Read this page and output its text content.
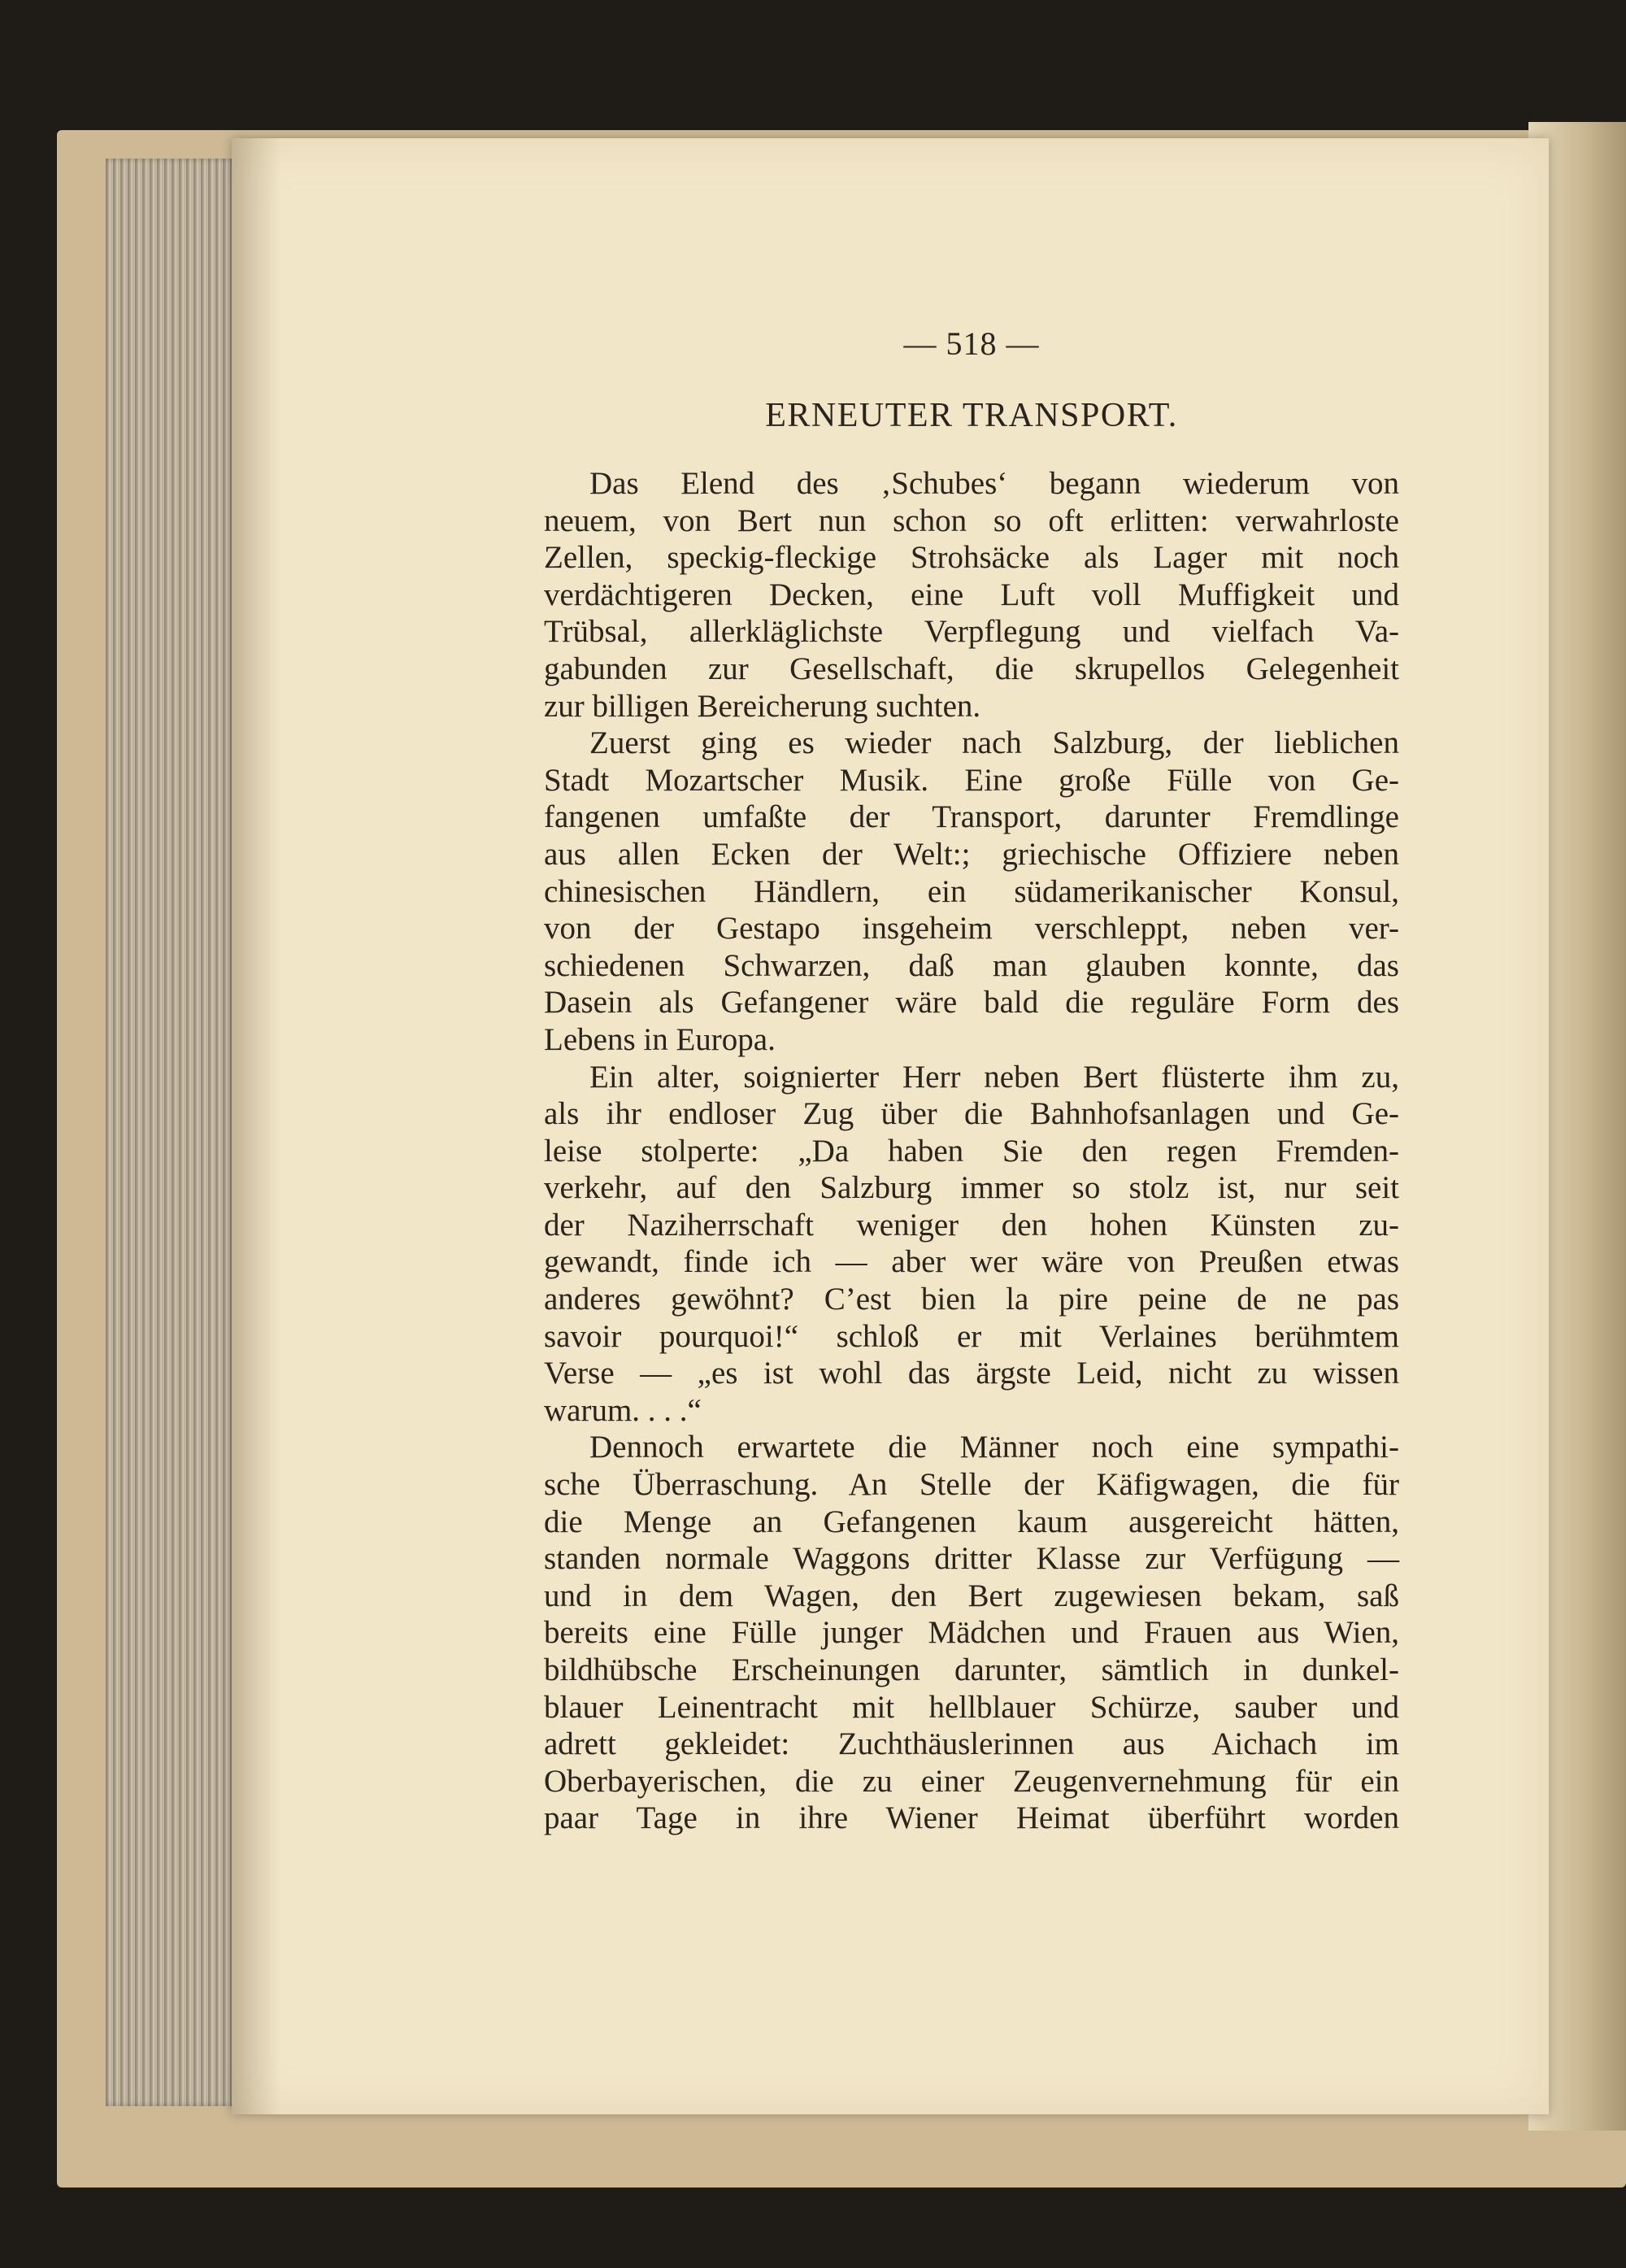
— 518 —

ERNEUTER TRANSPORT.
Das Elend des ‚Schubes‘ begann wiederum von
neuem, von Bert nun schon so oft erlitten: verwahrloste
Zellen, speckig-fleckige Strohsäcke als Lager mit noch
verdächtigeren Decken, eine Luft voll Muffigkeit und
Trübsal, allerkläglichste Verpflegung und vielfach Va-
gabunden zur Gesellschaft, die skrupellos Gelegenheit
zur billigen Bereicherung suchten.
Zuerst ging es wieder nach Salzburg, der lieblichen
Stadt Mozartscher Musik. Eine große Fülle von Ge-
fangenen umfaßte der Transport, darunter Fremdlinge
aus allen Ecken der Welt:; griechische Offiziere neben
chinesischen Händlern, ein südamerikanischer Konsul,
von der Gestapo insgeheim verschleppt, neben ver-
schiedenen Schwarzen, daß man glauben konnte, das
Dasein als Gefangener wäre bald die reguläre Form des
Lebens in Europa.
Ein alter, soignierter Herr neben Bert flüsterte ihm zu,
als ihr endloser Zug über die Bahnhofsanlagen und Ge-
leise stolperte: „Da haben Sie den regen Fremden-
verkehr, auf den Salzburg immer so stolz ist, nur seit
der Naziherrschaft weniger den hohen Künsten zu-
gewandt, finde ich — aber wer wäre von Preußen etwas
anderes gewöhnt? C’est bien la pire peine de ne pas
savoir pourquoi!“ schloß er mit Verlaines berühmtem
Verse — „es ist wohl das ärgste Leid, nicht zu wissen
warum. . . .“
Dennoch erwartete die Männer noch eine sympathi-
sche Überraschung. An Stelle der Käfigwagen, die für
die Menge an Gefangenen kaum ausgereicht hätten,
standen normale Waggons dritter Klasse zur Verfügung —
und in dem Wagen, den Bert zugewiesen bekam, saß
bereits eine Fülle junger Mädchen und Frauen aus Wien,
bildhübsche Erscheinungen darunter, sämtlich in dunkel-
blauer Leinentracht mit hellblauer Schürze, sauber und
adrett gekleidet: Zuchthäuslerinnen aus Aichach im
Oberbayerischen, die zu einer Zeugenvernehmung für ein
paar Tage in ihre Wiener Heimat überführt worden
